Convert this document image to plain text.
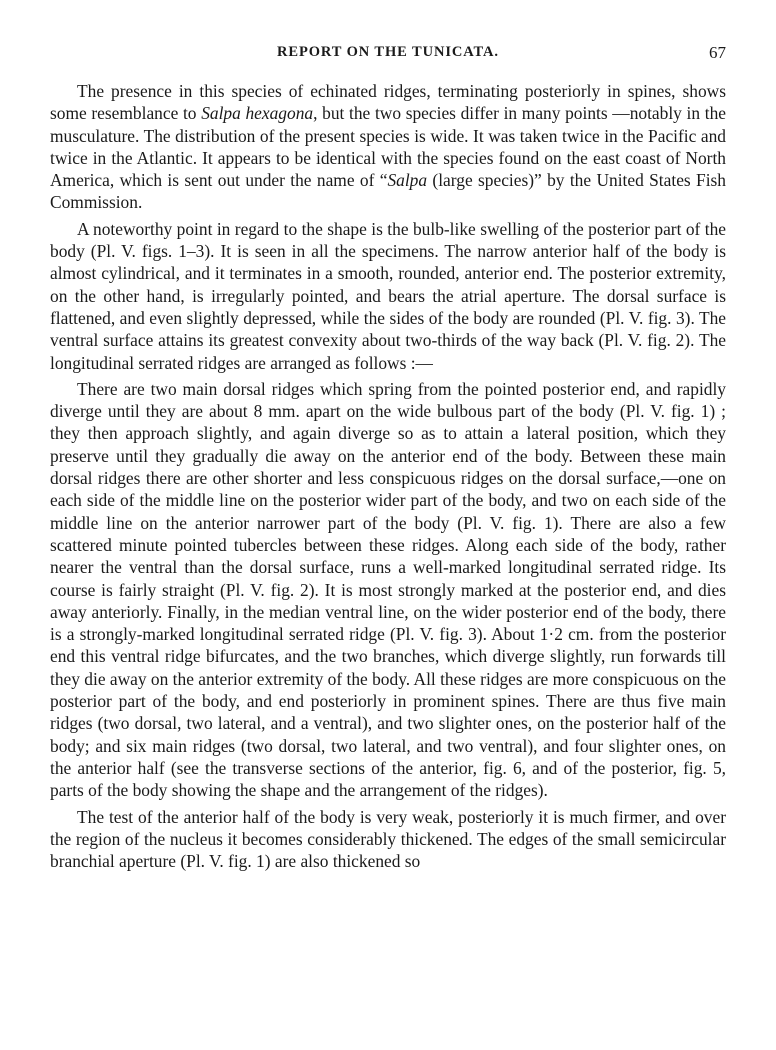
REPORT ON THE TUNICATA.	67

The presence in this species of echinated ridges, terminating posteriorly in spines, shows some resemblance to Salpa hexagona, but the two species differ in many points —notably in the musculature. The distribution of the present species is wide. It was taken twice in the Pacific and twice in the Atlantic. It appears to be identical with the species found on the east coast of North America, which is sent out under the name of “Salpa (large species)” by the United States Fish Commission.

A noteworthy point in regard to the shape is the bulb-like swelling of the posterior part of the body (Pl. V. figs. 1–3). It is seen in all the specimens. The narrow anterior half of the body is almost cylindrical, and it terminates in a smooth, rounded, anterior end. The posterior extremity, on the other hand, is irregularly pointed, and bears the atrial aperture. The dorsal surface is flattened, and even slightly depressed, while the sides of the body are rounded (Pl. V. fig. 3). The ventral surface attains its greatest convexity about two-thirds of the way back (Pl. V. fig. 2). The longitudinal serrated ridges are arranged as follows :—

There are two main dorsal ridges which spring from the pointed posterior end, and rapidly diverge until they are about 8 mm. apart on the wide bulbous part of the body (Pl. V. fig. 1) ; they then approach slightly, and again diverge so as to attain a lateral position, which they preserve until they gradually die away on the anterior end of the body. Between these main dorsal ridges there are other shorter and less conspicuous ridges on the dorsal surface,—one on each side of the middle line on the posterior wider part of the body, and two on each side of the middle line on the anterior narrower part of the body (Pl. V. fig. 1). There are also a few scattered minute pointed tubercles between these ridges. Along each side of the body, rather nearer the ventral than the dorsal surface, runs a well-marked longitudinal serrated ridge. Its course is fairly straight (Pl. V. fig. 2). It is most strongly marked at the posterior end, and dies away anteriorly. Finally, in the median ventral line, on the wider posterior end of the body, there is a strongly-marked longitudinal serrated ridge (Pl. V. fig. 3). About 1·2 cm. from the posterior end this ventral ridge bifurcates, and the two branches, which diverge slightly, run forwards till they die away on the anterior extremity of the body. All these ridges are more conspicuous on the posterior part of the body, and end posteriorly in prominent spines. There are thus five main ridges (two dorsal, two lateral, and a ventral), and two slighter ones, on the posterior half of the body; and six main ridges (two dorsal, two lateral, and two ventral), and four slighter ones, on the anterior half (see the transverse sections of the anterior, fig. 6, and of the posterior, fig. 5, parts of the body showing the shape and the arrangement of the ridges).

The test of the anterior half of the body is very weak, posteriorly it is much firmer, and over the region of the nucleus it becomes considerably thickened. The edges of the small semicircular branchial aperture (Pl. V. fig. 1) are also thickened so
